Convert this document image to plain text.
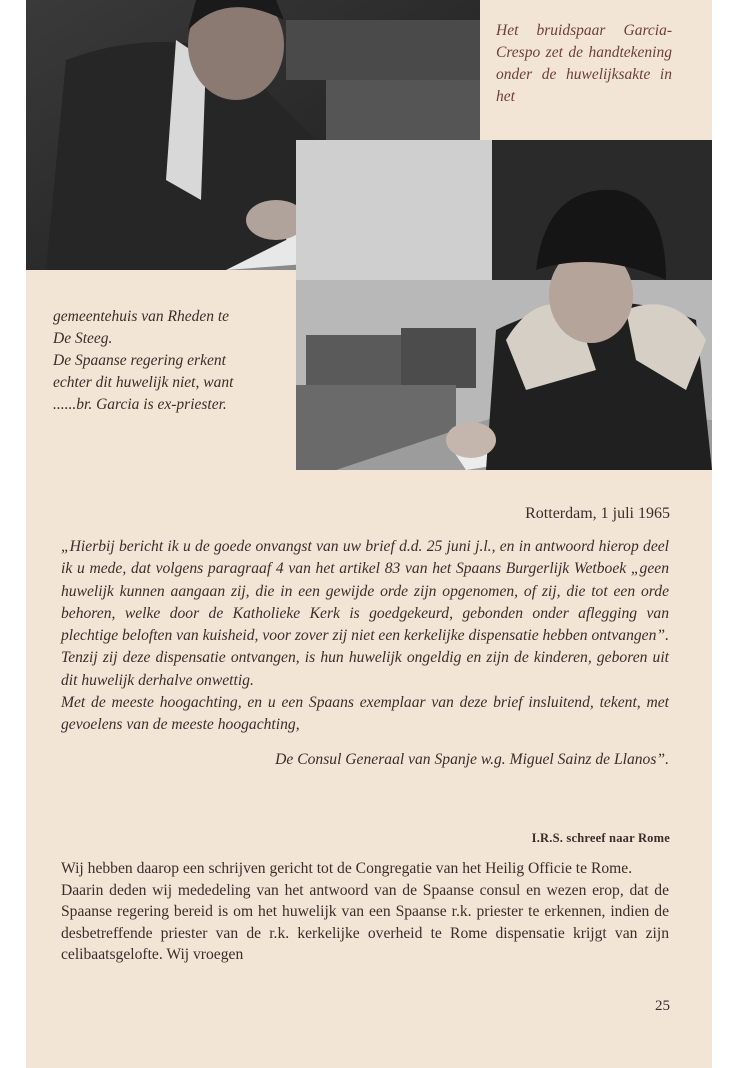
Het bruidspaar Garcia-Crespo zet de handtekening onder de huwelijksakte in het
gemeentehuis van Rheden te
De Steeg.
De Spaanse regering erkent
echter dit huwelijk niet, want
......br. Garcia is ex-priester.
Rotterdam, 1 juli 1965

„Hierbij bericht ik u de goede onvangst van uw brief d.d. 25 juni j.l., en in antwoord hierop deel ik u mede, dat volgens paragraaf 4 van het artikel 83 van het Spaans Burgerlijk Wetboek „geen huwelijk kunnen aangaan zij, die in een gewijde orde zijn opgenomen, of zij, die tot een orde behoren, welke door de Katholieke Kerk is goedgekeurd, gebonden onder aflegging van plechtige beloften van kuisheid, voor zover zij niet een kerkelijke dispensatie hebben ontvangen”.

Tenzij zij deze dispensatie ontvangen, is hun huwelijk ongeldig en zijn de kinderen, geboren uit dit huwelijk derhalve onwettig.

Met de meeste hoogachting, en u een Spaans exemplaar van deze brief insluitend, tekent, met gevoelens van de meeste hoogachting,

De Consul Generaal van Spanje w.g. Miguel Sainz de Llanos”.

I.R.S. schreef naar Rome

Wij hebben daarop een schrijven gericht tot de Congregatie van het Heilig Officie te Rome.

Daarin deden wij mededeling van het antwoord van de Spaanse consul en wezen erop, dat de Spaanse regering bereid is om het huwelijk van een Spaanse r.k. priester te erkennen, indien de desbetreffende priester van de r.k. kerkelijke overheid te Rome dispensatie krijgt van zijn celibaatsgelofte. Wij vroegen

25
